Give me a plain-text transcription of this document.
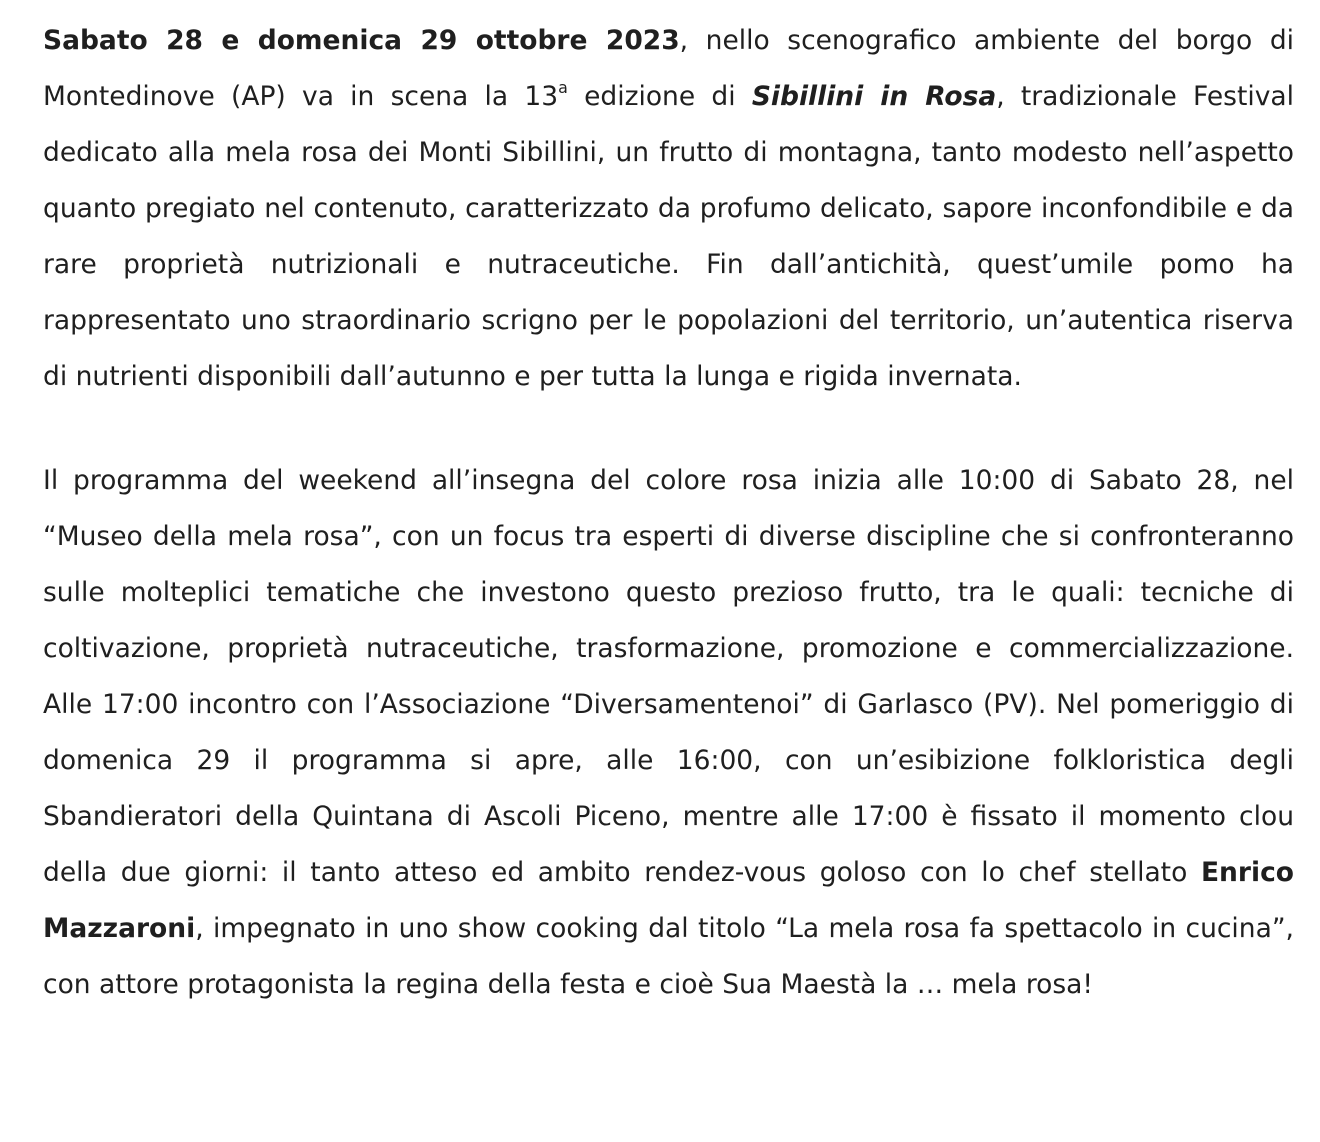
Sabato 28 e domenica 29 ottobre 2023, nello scenografico ambiente del borgo di Montedinove (AP) va in scena la 13$^a$ edizione di Sibillini in Rosa, tradizionale Festival dedicato alla mela rosa dei Monti Sibillini, un frutto di montagna, tanto modesto nell’aspetto quanto pregiato nel contenuto, caratterizzato da profumo delicato, sapore inconfondibile e da rare proprietà nutrizionali e nutraceutiche. Fin dall’antichità, quest’umile pomo ha rappresentato uno straordinario scrigno per le popolazioni del territorio, un’autentica riserva di nutrienti disponibili dall’autunno e per tutta la lunga e rigida invernata.

Il programma del weekend all’insegna del colore rosa inizia alle 10:00 di Sabato 28, nel “Museo della mela rosa”, con un focus tra esperti di diverse discipline che si confronteranno sulle molteplici tematiche che investono questo prezioso frutto, tra le quali: tecniche di coltivazione, proprietà nutraceutiche, trasformazione, promozione e commercializzazione. Alle 17:00 incontro con l’Associazione “Diversamentenoi” di Garlasco (PV). Nel pomeriggio di domenica 29 il programma si apre, alle 16:00, con un’esibizione folkloristica degli Sbandieratori della Quintana di Ascoli Piceno, mentre alle 17:00 è fissato il momento clou della due giorni: il tanto atteso ed ambito rendez-vous goloso con lo chef stellato Enrico Mazzaroni, impegnato in uno show cooking dal titolo “La mela rosa fa spettacolo in cucina”, con attore protagonista la regina della festa e cioè Sua Maestà la … mela rosa!
